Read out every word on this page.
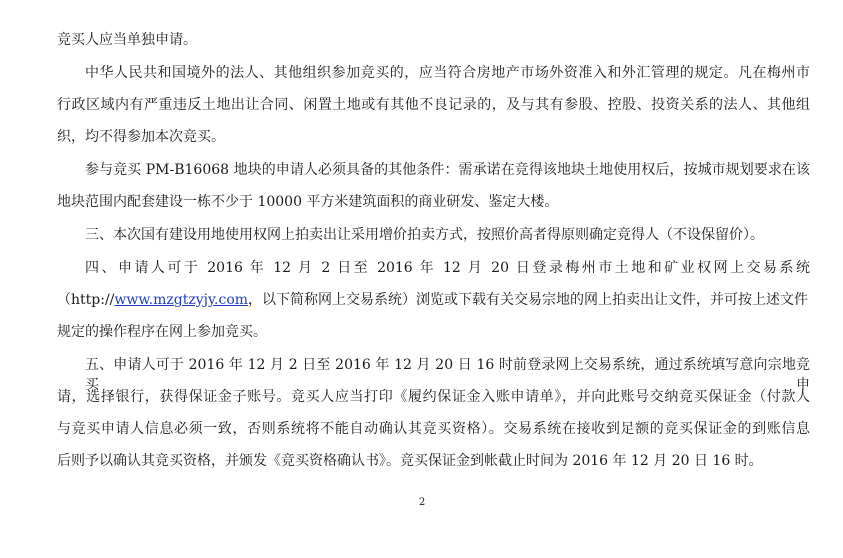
竞买人应当单独申请。
中华人民共和国境外的法人、其他组织参加竞买的，应当符合房地产市场外资准入和外汇管理的规定。凡在梅州市
行政区域内有严重违反土地出让合同、闲置土地或有其他不良记录的，及与其有参股、控股、投资关系的法人、其他组
织，均不得参加本次竞买。
参与竞买 PM-B16068 地块的申请人必须具备的其他条件：需承诺在竞得该地块土地使用权后，按城市规划要求在该
地块范围内配套建设一栋不少于 10000 平方米建筑面积的商业研发、鉴定大楼。
三、本次国有建设用地使用权网上拍卖出让采用增价拍卖方式，按照价高者得原则确定竞得人（不设保留价）。
四、申请人可于 2016 年 12 月 2 日至 2016 年 12 月 20 日登录梅州市土地和矿业权网上交易系统
（http://www.mzgtzyjy.com，以下简称网上交易系统）浏览或下载有关交易宗地的网上拍卖出让文件，并可按上述文件
规定的操作程序在网上参加竞买。
五、申请人可于 2016 年 12 月 2 日至 2016 年 12 月 20 日 16 时前登录网上交易系统，通过系统填写意向宗地竞买申
请，选择银行，获得保证金子账号。竞买人应当打印《履约保证金入账申请单》，并向此账号交纳竞买保证金（付款人
与竞买申请人信息必须一致，否则系统将不能自动确认其竞买资格）。交易系统在接收到足额的竞买保证金的到账信息
后则予以确认其竞买资格，并颁发《竞买资格确认书》。竞买保证金到帐截止时间为 2016 年 12 月 20 日 16 时。
2
